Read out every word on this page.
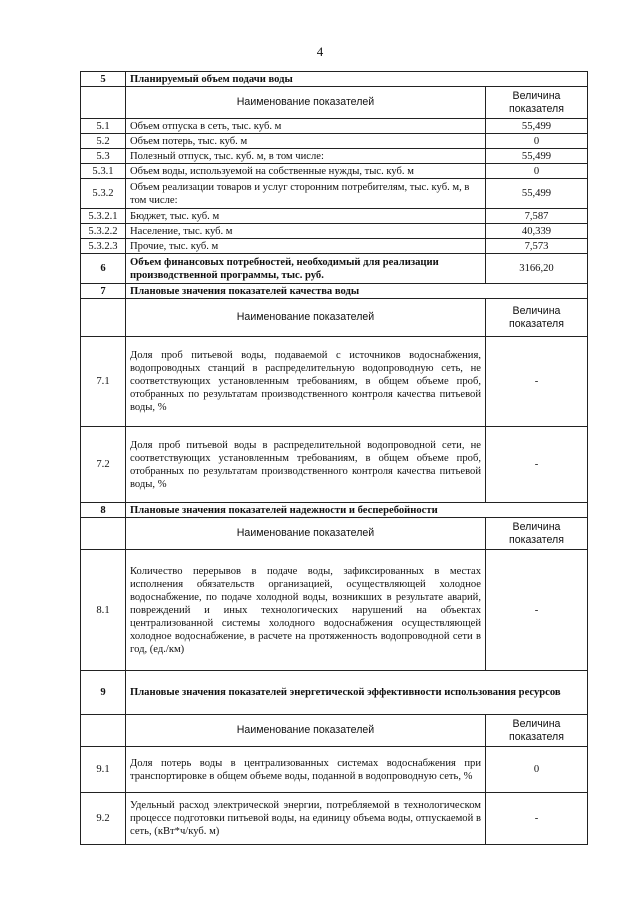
4
5	Планируемый объем подачи воды	
	Наименование показателей	Величина показателя
5.1	Объем отпуска в сеть, тыс. куб. м	55,499
5.2	Объем потерь, тыс. куб. м	0
5.3	Полезный отпуск, тыс. куб. м, в том числе:	55,499
5.3.1	Объем воды, используемой на собственные нужды, тыс. куб. м	0
5.3.2	Объем реализации товаров и услуг сторонним потребителям, тыс. куб. м, в том числе:	55,499
5.3.2.1	Бюджет, тыс. куб. м	7,587
5.3.2.2	Население, тыс. куб. м	40,339
5.3.2.3	Прочие, тыс. куб. м	7,573
6	Объем финансовых потребностей, необходимый для реализации производственной программы, тыс. руб.	3166,20
7	Плановые значения показателей качества воды	
	Наименование показателей	Величина показателя
7.1	Доля проб питьевой воды, подаваемой с источников водоснабжения, водопроводных станций в распределительную водопроводную сеть, не соответствующих установленным требованиям, в общем объеме проб, отобранных по результатам производственного контроля качества питьевой воды, %	-
7.2	Доля проб питьевой воды в распределительной водопроводной сети, не соответствующих установленным требованиям, в общем объеме проб, отобранных по результатам производственного контроля качества питьевой воды, %	-
8	Плановые значения показателей надежности и бесперебойности	
	Наименование показателей	Величина показателя
8.1	Количество перерывов в подаче воды, зафиксированных в местах исполнения обязательств организацией, осуществляющей холодное водоснабжение, по подаче холодной воды, возникших в результате аварий, повреждений и иных технологических нарушений на объектах централизованной системы холодного водоснабжения осуществляющей холодное водоснабжение, в расчете на протяженность водопроводной сети в год, (ед./км)	-
9	Плановые значения показателей энергетической эффективности использования ресурсов	
	Наименование показателей	Величина показателя
9.1	Доля потерь воды в централизованных системах водоснабжения при транспортировке в общем объеме воды, поданной в водопроводную сеть, %	0
9.2	Удельный расход электрической энергии, потребляемой в технологическом процессе подготовки питьевой воды, на единицу объема воды, отпускаемой в сеть, (кВт*ч/куб. м)	-
